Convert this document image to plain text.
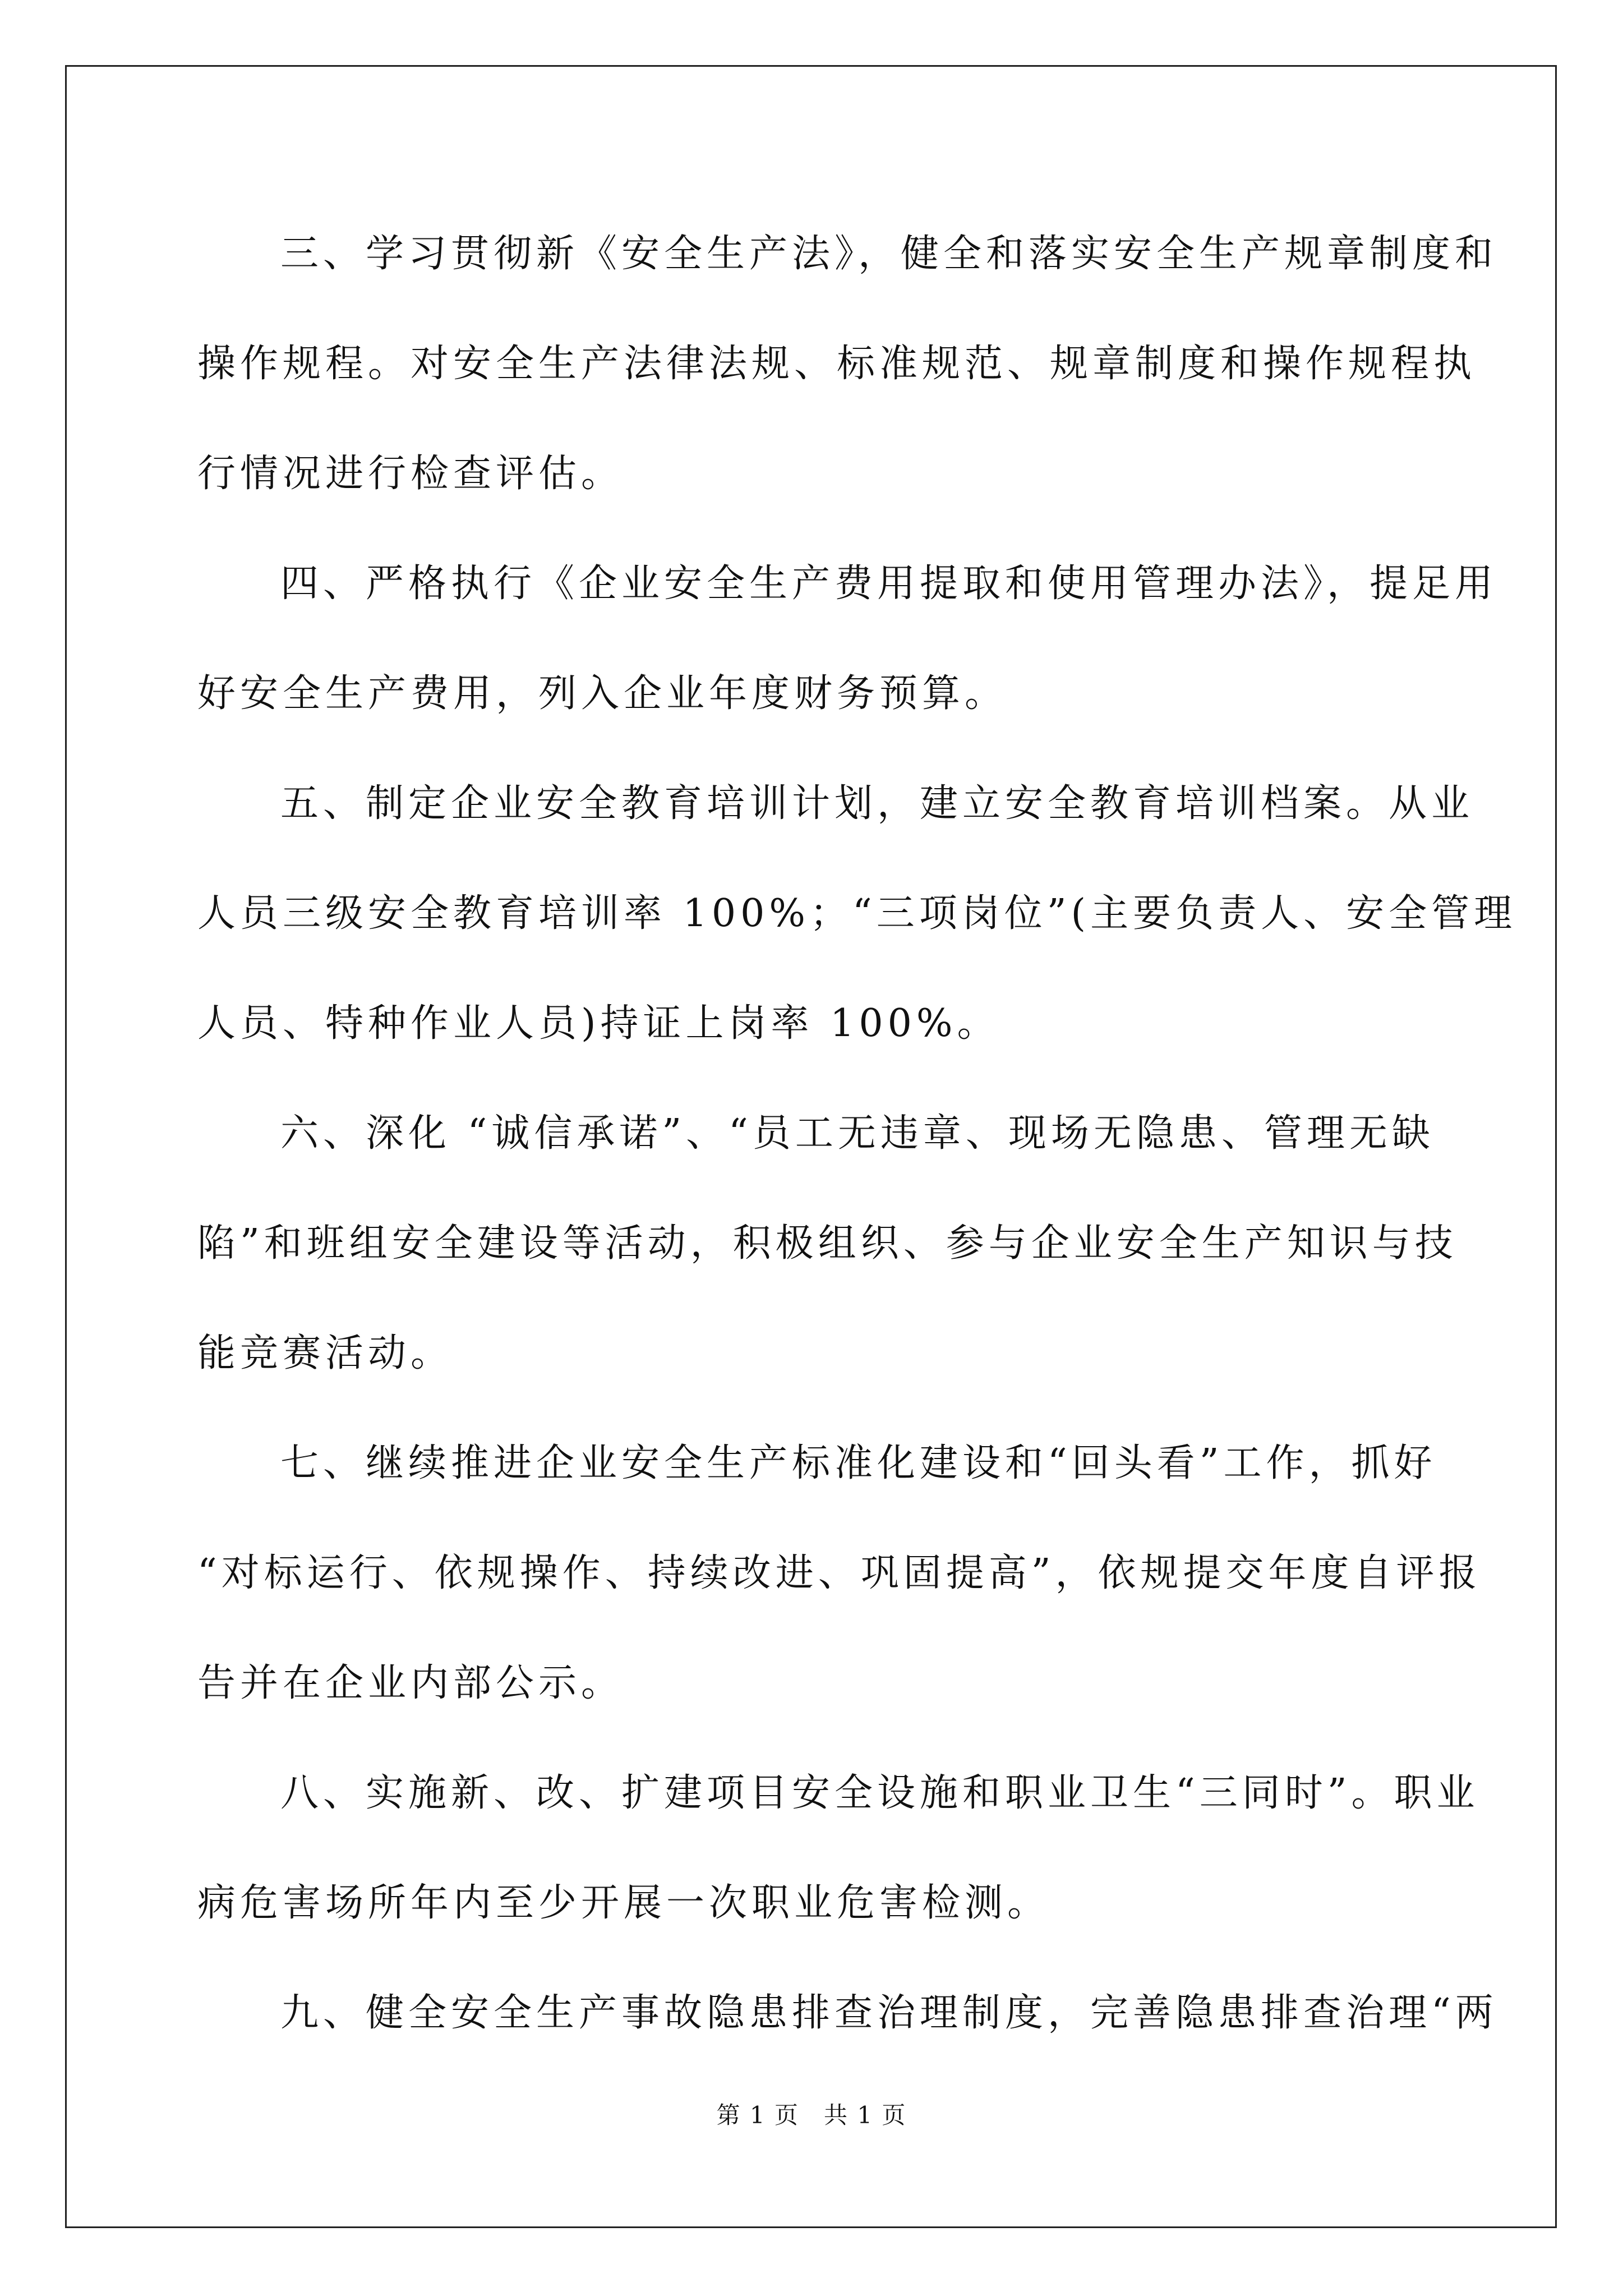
三、学习贯彻新《安全生产法》，健全和落实安全生产规章制度和
操作规程。对安全生产法律法规、标准规范、规章制度和操作规程执
行情况进行检查评估。
四、严格执行《企业安全生产费用提取和使用管理办法》，提足用
好安全生产费用，列入企业年度财务预算。
五、制定企业安全教育培训计划，建立安全教育培训档案。从业
人员三级安全教育培训率 100%；“三项岗位”(主要负责人、安全管理
人员、特种作业人员)持证上岗率 100%。
六、深化 “诚信承诺”、“员工无违章、现场无隐患、管理无缺
陷”和班组安全建设等活动，积极组织、参与企业安全生产知识与技
能竞赛活动。
七、继续推进企业安全生产标准化建设和“回头看”工作，抓好
“对标运行、依规操作、持续改进、巩固提高”，依规提交年度自评报
告并在企业内部公示。
八、实施新、改、扩建项目安全设施和职业卫生“三同时”。职业
病危害场所年内至少开展一次职业危害检测。
九、健全安全生产事故隐患排查治理制度，完善隐患排查治理“两
第 1 页　共 1 页
